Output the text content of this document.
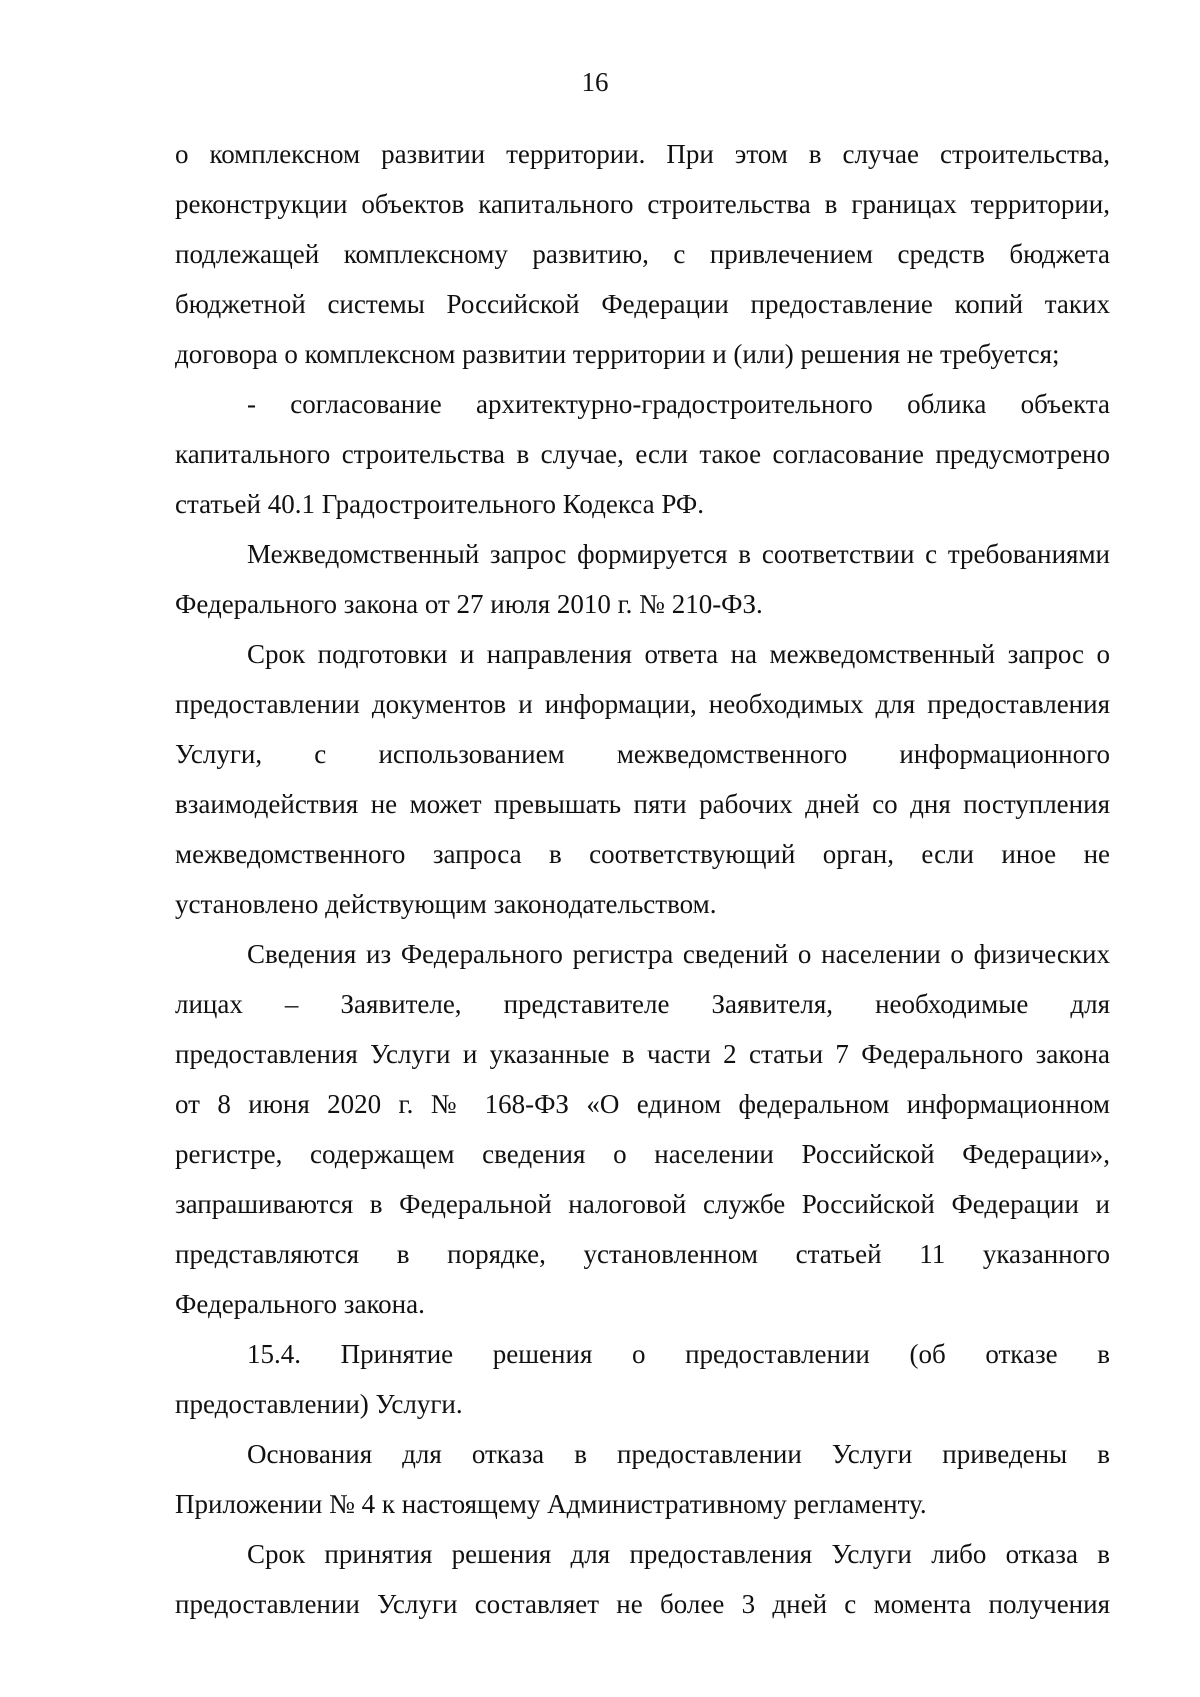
16
о комплексном развитии территории. При этом в случае строительства,
реконструкции объектов капитального строительства в границах территории,
подлежащей комплексному развитию, с привлечением средств бюджета
бюджетной системы Российской Федерации предоставление копий таких
договора о комплексном развитии территории и (или) решения не требуется;
- согласование архитектурно-градостроительного облика объекта
капитального строительства в случае, если такое согласование предусмотрено
статьей 40.1 Градостроительного Кодекса РФ.
Межведомственный запрос формируется в соответствии с требованиями
Федерального закона от 27 июля 2010 г. № 210-ФЗ.
Срок подготовки и направления ответа на межведомственный запрос о
предоставлении документов и информации, необходимых для предоставления
Услуги, с использованием межведомственного информационного
взаимодействия не может превышать пяти рабочих дней со дня поступления
межведомственного запроса в соответствующий орган, если иное не
установлено действующим законодательством.
Сведения из Федерального регистра сведений о населении о физических
лицах – Заявителе, представителе Заявителя, необходимые для
предоставления Услуги и указанные в части 2 статьи 7 Федерального закона
от 8 июня 2020 г. № 168-ФЗ «О едином федеральном информационном
регистре, содержащем сведения о населении Российской Федерации»,
запрашиваются в Федеральной налоговой службе Российской Федерации и
представляются в порядке, установленном статьей 11 указанного
Федерального закона.
15.4. Принятие решения о предоставлении (об отказе в
предоставлении) Услуги.
Основания для отказа в предоставлении Услуги приведены в
Приложении № 4 к настоящему Административному регламенту.
Срок принятия решения для предоставления Услуги либо отказа в
предоставлении Услуги составляет не более 3 дней с момента получения
